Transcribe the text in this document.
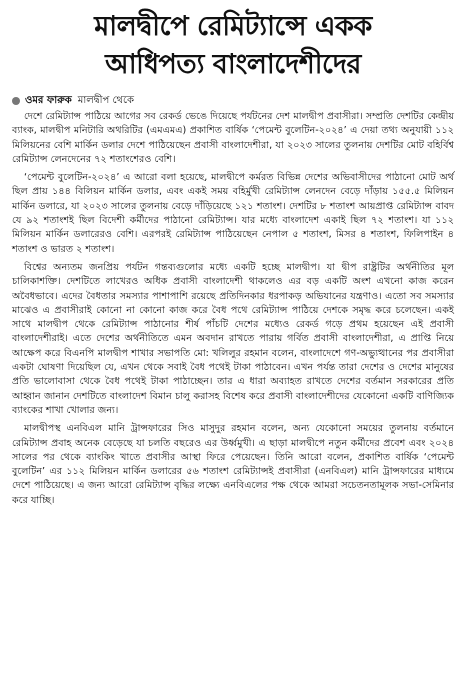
মালদ্বীপে রেমিট্যান্সে একক
আধিপত্য বাংলাদেশীদের
ওমর ফারুক মালদ্বীপ থেকে

দেশে রেমিট্যান্স পাঠিয়ে আগের সব রেকর্ড ভেঙে দিয়েছে পর্যটনের দেশ মালদ্বীপ প্রবাসীরা। সম্প্রতি দেশটির কেন্দ্রীয় ব্যাংক, মালদ্বীপ মনিটারি অথরিটির (এমএমএ) প্রকাশিত বার্ষিক ‘পেমেন্ট বুলেটিন-২০২৪’ এ দেয়া তথ্য অনুযায়ী ১১২ মিলিয়নের বেশি মার্কিন ডলার দেশে পাঠিয়েছেন প্রবাসী বাংলাদেশীরা, যা ২০২৩ সালের তুলনায় দেশটির মোট বহির্বিশ্ব রেমিট্যান্স লেনদেনের ৭২ শতাংশেরও বেশি।

‘পেমেন্ট বুলেটিন-২০২৪’ এ আরো বলা হয়েছে, মালদ্বীপে কর্মরত বিভিন্ন দেশের অভিবাসীদের পাঠানো মোট অর্থ ছিল প্রায় ১৪৪ বিলিয়ন মার্কিন ডলার, এবং একই সময় বহির্মুখী রেমিট্যান্স লেনদেন বেড়ে দাঁড়ায় ১৫৫.৫ মিলিয়ন মার্কিন ডলারে, যা ২০২৩ সালের তুলনায় বেড়ে দাঁড়িয়েছে ১২১ শতাংশ। দেশটির ৮ শতাংশ আয়প্রাপ্ত রেমিট্যান্স বাবদ যে ৯২ শতাংশই ছিল বিদেশী কর্মীদের পাঠানো রেমিট্যান্স। যার মধ্যে বাংলাদেশ একাই ছিল ৭২ শতাংশ। যা ১১২ মিলিয়ন মার্কিন ডলারেরও বেশি। এরপরই রেমিট্যান্স পাঠিয়েছেন নেপাল ৫ শতাংশ, মিসর ৪ শতাংশ, ফিলিপাইন ৪ শতাংশ ও ভারত ২ শতাংশ।

বিশ্বের অন্যতম জনপ্রিয় পর্যটন গন্তব্যগুলোর মধ্যে একটি হচ্ছে মালদ্বীপ। যা দ্বীপ রাষ্ট্রটির অর্থনীতির মূল চালিকাশক্তি। দেশটিতে লাখেরও অধিক প্রবাসী বাংলাদেশী থাকলেও এর বড় একটি অংশ এখনো কাজ করেন অবৈধভাবে। এদের বৈধতার সমস্যার পাশাপাশি রয়েছে প্রতিদিনকার ধরপাকড় অভিযানের যন্ত্রণাও। এতো সব সমস্যার মাঝেও এ প্রবাসীরাই কোনো না কোনো কাজ করে বৈধ পথে রেমিট্যান্স পাঠিয়ে দেশকে সমৃদ্ধ করে চলেছেন। একই সাথে মালদ্বীপ থেকে রেমিট্যান্স পাঠানোর শীর্ষ পাঁচটি দেশের মধ্যেও রেকর্ড গড়ে প্রথম হয়েছেন এই প্রবাসী বাংলাদেশীরাই। এতে দেশের অর্থনীতিতে এমন অবদান রাখতে পারায় গর্বিত প্রবাসী বাংলাদেশীরা, এ প্রাপ্তি নিয়ে আক্ষেপ করে বিএনপি মালদ্বীপ শাখার সভাপতি মো: খলিলুর রহমান বলেন, বাংলাদেশে গণ-অভ্যুত্থানের পর প্রবাসীরা একটা ঘোষণা দিয়েছিল যে, এখন থেকে সবাই বৈধ পথেই টাকা পাঠাবেন। এখন পর্যন্ত তারা দেশের ও দেশের মানুষের প্রতি ভালোবাসা থেকে বৈধ পথেই টাকা পাঠাচ্ছেন। তার এ ধারা অব্যাহত রাখতে দেশের বর্তমান সরকারের প্রতি আহ্বান জানান দেশটিতে বাংলাদেশ বিমান চালু করাসহ বিশেষ করে প্রবাসী বাংলাদেশীদের যেকোনো একটি বাণিজ্যিক ব্যাংকের শাখা খোলার জন্য।

মালদ্বীপস্থ এনবিএল মানি ট্রান্সফারের সিও মাসুদুর রহমান বলেন, অন্য যেকোনো সময়ের তুলনায় বর্তমানে রেমিট্যান্স প্রবাহ অনেক বেড়েছে যা চলতি বছরেও এর উর্ধ্বমুখী। এ ছাড়া মালদ্বীপে নতুন কর্মীদের প্রবেশ এবং ২০২৪ সালের পর থেকে ব্যাংকিং খাতে প্রবাসীর আস্থা ফিরে পেয়েছেন। তিনি আরো বলেন, প্রকাশিত বার্ষিক ‘পেমেন্ট বুলেটিন’ এর ১১২ মিলিয়ন মার্কিন ডলারের ৫৬ শতাংশ রেমিট্যান্সই প্রবাসীরা (এনবিএল) মানি ট্রান্সফারের মাধ্যমে দেশে পাঠিয়েছে। এ জন্য আরো রেমিট্যান্স বৃদ্ধির লক্ষ্যে এনবিএলের পক্ষ থেকে আমরা সচেতনতামূলক সভা-সেমিনার করে যাচ্ছি।
